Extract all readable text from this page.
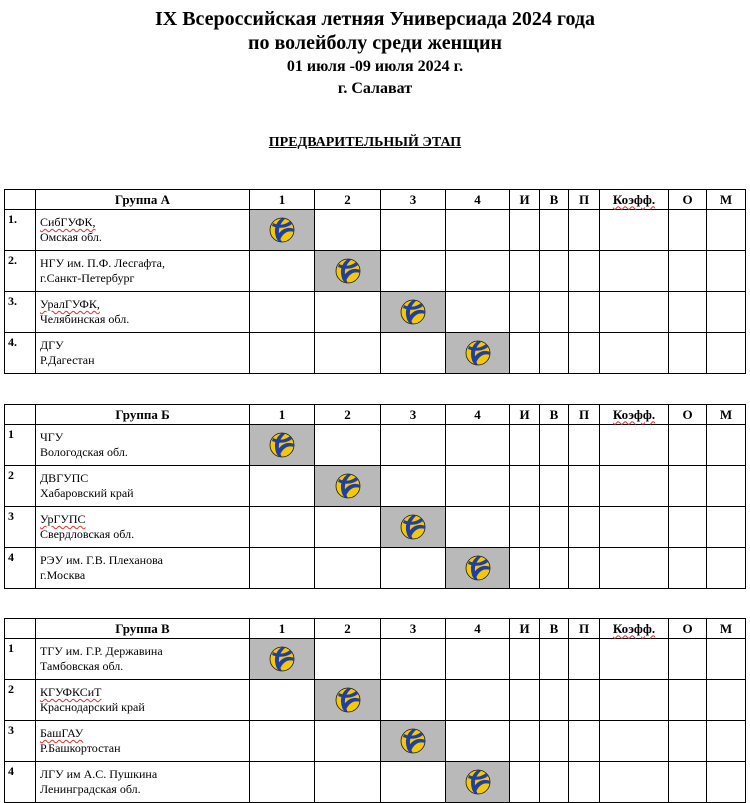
IX Всероссийская летняя Универсиада 2024 года
по волейболу среди женщин
01 июля -09 июля 2024 г.
г. Салават
ПРЕДВАРИТЕЛЬНЫЙ ЭТАП
	Группа А	1	2	3	4	И	В	П	Коэфф.	О	М
1.	СибГУФК,
Омская обл.

2.	НГУ им. П.Ф. Лесгафта,
г.Санкт-Петербург

3.	УралГУФК,
Челябинская обл.

4.	ДГУ
Р.Дагестан

	Группа Б	1	2	3	4	И	В	П	Коэфф.	О	М
1	ЧГУ
Вологодская обл.

2	ДВГУПС
Хабаровский край

3	УрГУПС
Свердловская обл.

4	РЭУ им. Г.В. Плеханова
г.Москва

	Группа В	1	2	3	4	И	В	П	Коэфф.	О	М
1	ТГУ им. Г.Р. Державина
Тамбовская обл.

2	КГУФКСиТ
Краснодарский край

3	БашГАУ
Р.Башкортостан

4	ЛГУ им А.С. Пушкина
Ленинградская обл.
